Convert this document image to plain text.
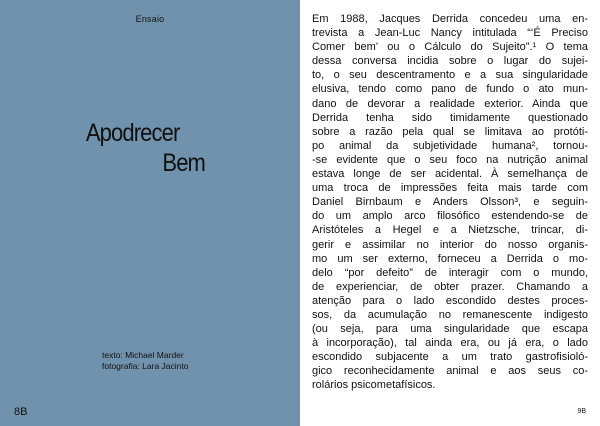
Ensaio
Apodrecer
Bem
texto: Michael Marder
fotografia: Lara Jacinto
8B
Em 1988, Jacques Derrida concedeu uma en-
trevista a Jean-Luc Nancy intitulada “‘É Preciso
Comer bem’ ou o Cálculo do Sujeito”.¹ O tema
dessa conversa incidia sobre o lugar do sujei-
to, o seu descentramento e a sua singularidade
elusiva, tendo como pano de fundo o ato mun-
dano de devorar a realidade exterior. Ainda que
Derrida tenha sido timidamente questionado
sobre a razão pela qual se limitava ao protóti-
po animal da subjetividade humana², tornou-
-se evidente que o seu foco na nutrição animal
estava longe de ser acidental. À semelhança de
uma troca de impressões feita mais tarde com
Daniel Birnbaum e Anders Olsson³, e seguin-
do um amplo arco filosófico estendendo-se de
Aristóteles a Hegel e a Nietzsche, trincar, di-
gerir e assimilar no interior do nosso organis-
mo um ser externo, forneceu a Derrida o mo-
delo “por defeito” de interagir com o mundo,
de experienciar, de obter prazer. Chamando a
atenção para o lado escondido destes proces-
sos, da acumulação no remanescente indigesto
(ou seja, para uma singularidade que escapa
à incorporação), tal ainda era, ou já era, o lado
escondido subjacente a um trato gastrofisioló-
gico reconhecidamente animal e aos seus co-
rolários psicometafísicos.
9B
